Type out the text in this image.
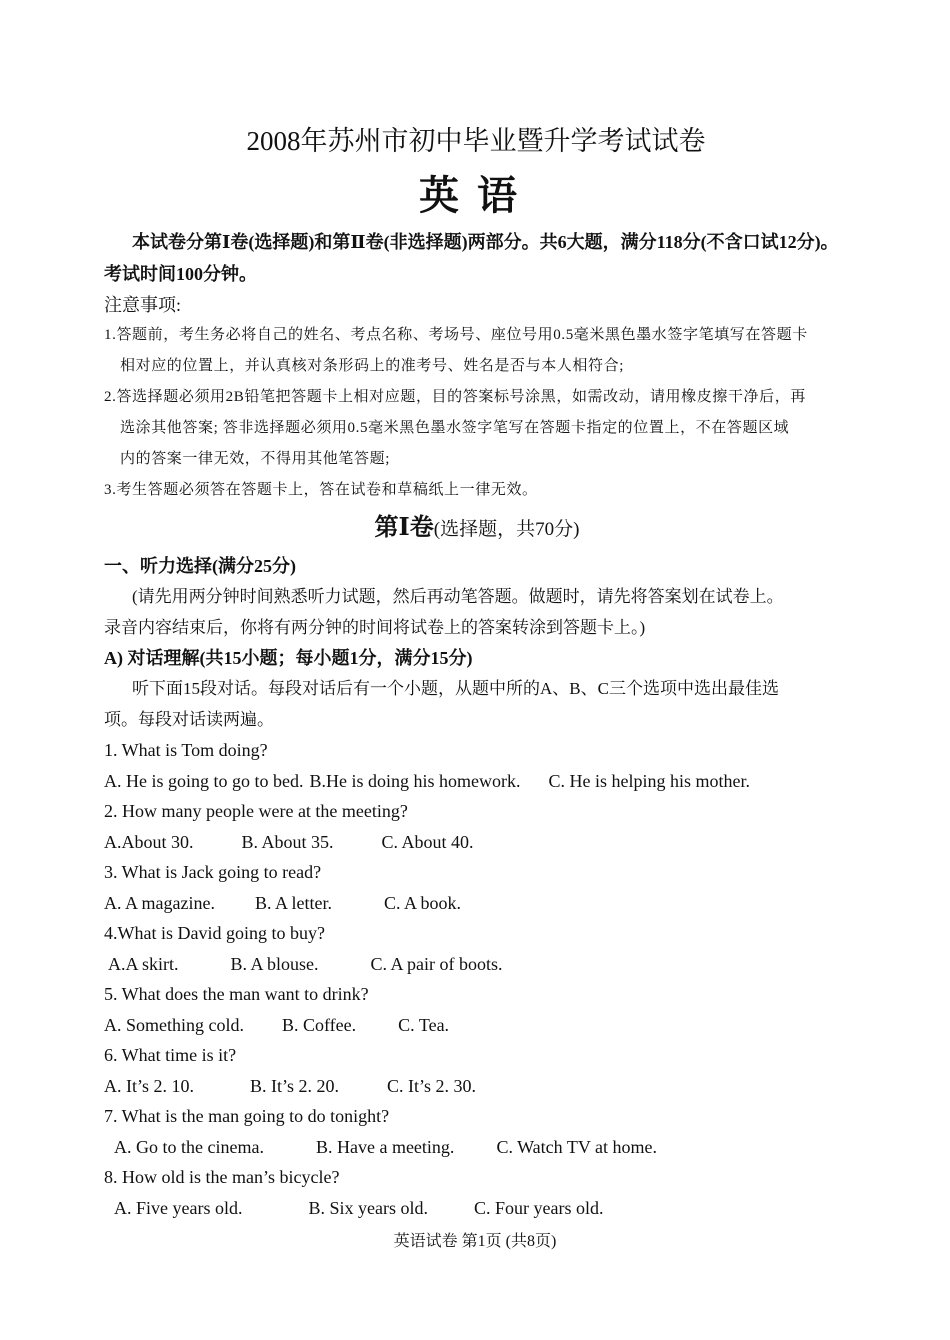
2008年苏州市初中毕业暨升学考试试卷
英语
本试卷分第Ⅰ卷(选择题)和第Ⅱ卷(非选择题)两部分。共6大题，满分118分(不含口试12分)。考试时间100分钟。
注意事项:
1.答题前，考生务必将自己的姓名、考点名称、考场号、座位号用0.5毫米黑色墨水签字笔填写在答题卡
相对应的位置上，并认真核对条形码上的准考号、姓名是否与本人相符合;
2.答选择题必须用2B铅笔把答题卡上相对应题，目的答案标号涂黑，如需改动，请用橡皮擦干净后，再
选涂其他答案; 答非选择题必须用0.5毫米黑色墨水签字笔写在答题卡指定的位置上，不在答题区域
内的答案一律无效，不得用其他笔答题;
3.考生答题必须答在答题卡上，答在试卷和草稿纸上一律无效。
第Ⅰ卷(选择题，共70分)
一、听力选择(满分25分)
(请先用两分钟时间熟悉听力试题，然后再动笔答题。做题时，请先将答案划在试卷上。
录音内容结束后，你将有两分钟的时间将试卷上的答案转涂到答题卡上。)
A) 对话理解(共15小题；每小题1分，满分15分)
听下面15段对话。每段对话后有一个小题，从题中所的A、B、C三个选项中选出最佳选
项。每段对话读两遍。
1. What is Tom doing?
A. He is going to go to bed. B.He is doing his homework. C. He is helping his mother.
2. How many people were at the meeting?
A.About 30.	B. About 35.	C. About 40.
3. What is Jack going to read?
A. A magazine. B. A letter.	C. A book.
4.What is David going to buy?
A.A skirt.	B. A blouse.	C. A pair of boots.
5. What does the man want to drink?
A. Something cold. B. Coffee. C. Tea.
6. What time is it?
A. It’s 2. 10.	B. It’s 2. 20.	C. It’s 2. 30.
7. What is the man going to do tonight?
A. Go to the cinema.	B. Have a meeting. C. Watch TV at home.
8. How old is the man’s bicycle?
A. Five years old.	B. Six years old.	C. Four years old.
英语试卷 第1页 (共8页)
